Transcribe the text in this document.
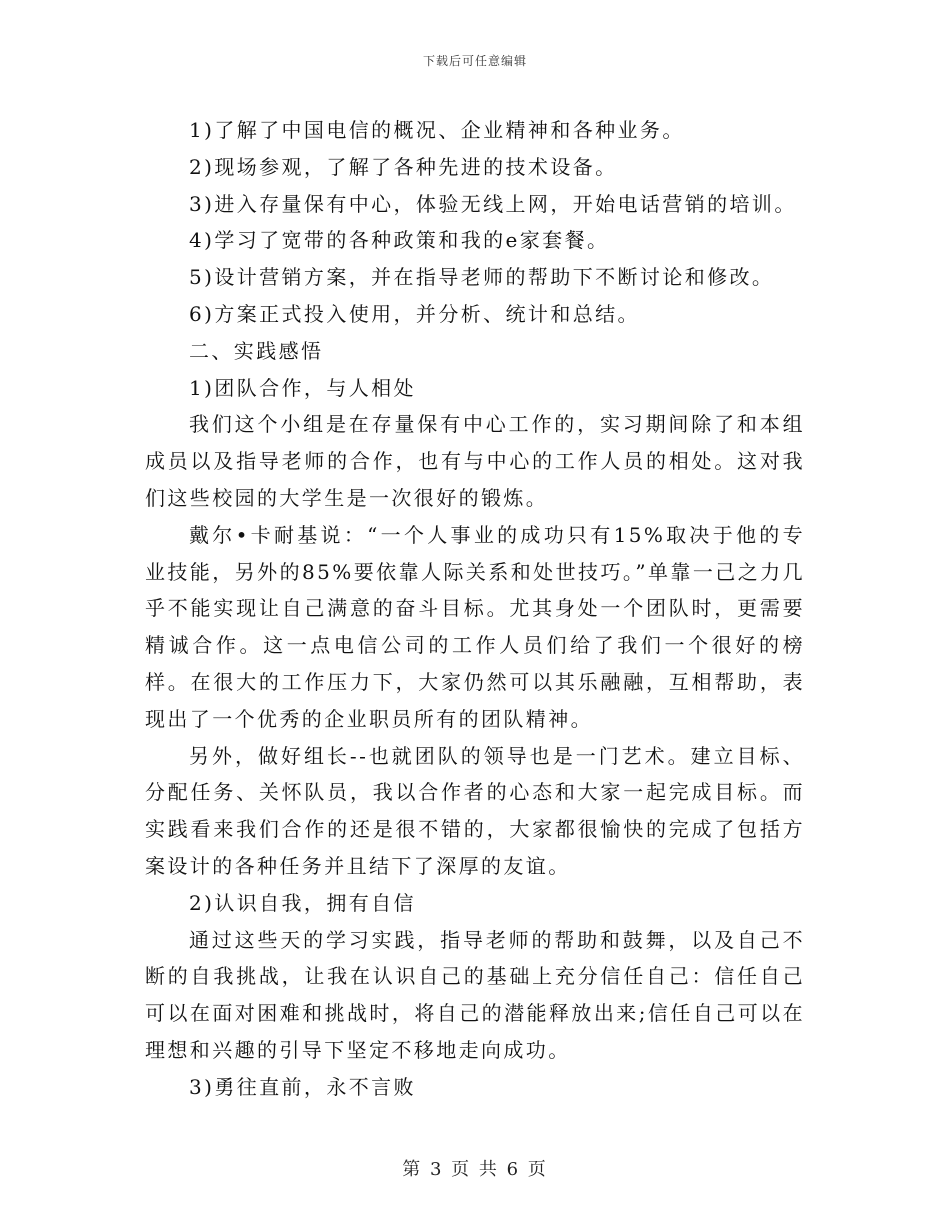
下载后可任意编辑

1)了解了中国电信的概况、企业精神和各种业务。

2)现场参观，了解了各种先进的技术设备。

3)进入存量保有中心，体验无线上网，开始电话营销的培训。

4)学习了宽带的各种政策和我的e家套餐。

5)设计营销方案，并在指导老师的帮助下不断讨论和修改。

6)方案正式投入使用，并分析、统计和总结。

二、实践感悟

1)团队合作，与人相处

我们这个小组是在存量保有中心工作的，实习期间除了和本组成员以及指导老师的合作，也有与中心的工作人员的相处。这对我们这些校园的大学生是一次很好的锻炼。

戴尔•卡耐基说：“一个人事业的成功只有15%取决于他的专业技能，另外的85%要依靠人际关系和处世技巧。”单靠一己之力几乎不能实现让自己满意的奋斗目标。尤其身处一个团队时，更需要精诚合作。这一点电信公司的工作人员们给了我们一个很好的榜样。在很大的工作压力下，大家仍然可以其乐融融，互相帮助，表现出了一个优秀的企业职员所有的团队精神。

另外，做好组长--也就团队的领导也是一门艺术。建立目标、分配任务、关怀队员，我以合作者的心态和大家一起完成目标。而实践看来我们合作的还是很不错的，大家都很愉快的完成了包括方案设计的各种任务并且结下了深厚的友谊。

2)认识自我，拥有自信

通过这些天的学习实践，指导老师的帮助和鼓舞，以及自己不断的自我挑战，让我在认识自己的基础上充分信任自己：信任自己可以在面对困难和挑战时，将自己的潜能释放出来;信任自己可以在理想和兴趣的引导下坚定不移地走向成功。

3)勇往直前，永不言败

第 3 页 共 6 页
